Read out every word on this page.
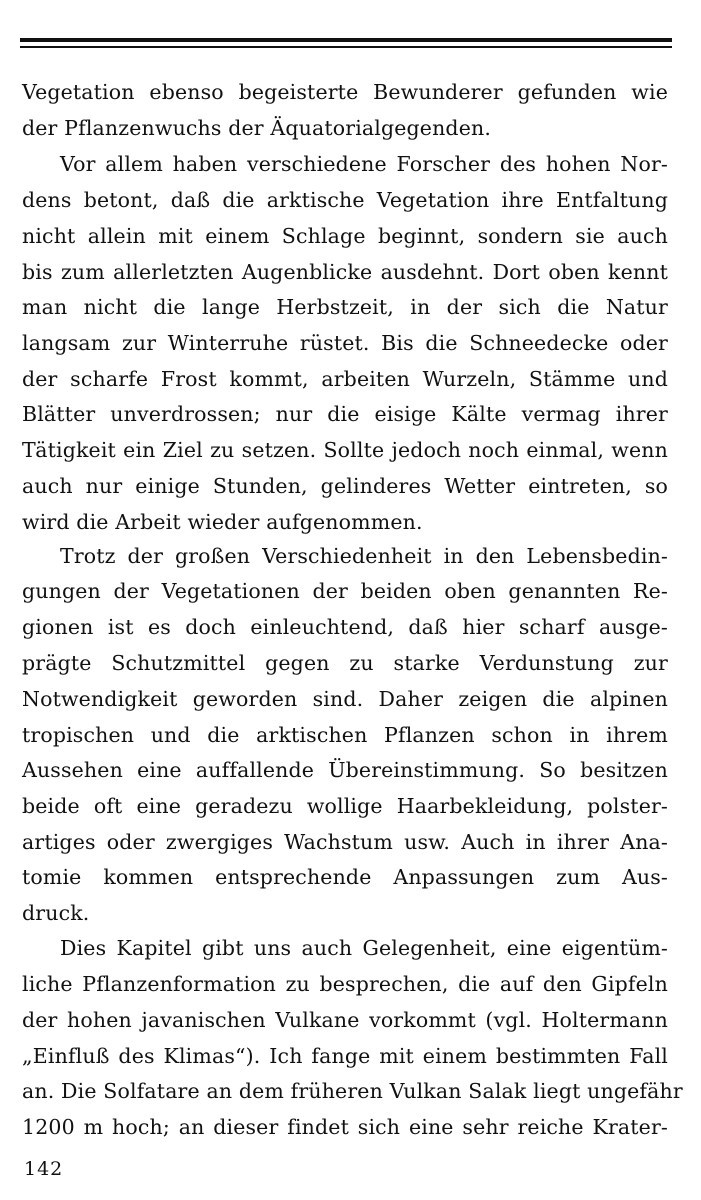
Vegetation ebenso begeisterte Bewunderer gefunden wie
der Pflanzenwuchs der Äquatorialgegenden.
Vor allem haben verschiedene Forscher des hohen Nor-
dens betont, daß die arktische Vegetation ihre Entfaltung
nicht allein mit einem Schlage beginnt, sondern sie auch
bis zum allerletzten Augenblicke ausdehnt. Dort oben kennt
man nicht die lange Herbstzeit, in der sich die Natur
langsam zur Winterruhe rüstet. Bis die Schneedecke oder
der scharfe Frost kommt, arbeiten Wurzeln, Stämme und
Blätter unverdrossen; nur die eisige Kälte vermag ihrer
Tätigkeit ein Ziel zu setzen. Sollte jedoch noch einmal, wenn
auch nur einige Stunden, gelinderes Wetter eintreten, so
wird die Arbeit wieder aufgenommen.
Trotz der großen Verschiedenheit in den Lebensbedin-
gungen der Vegetationen der beiden oben genannten Re-
gionen ist es doch einleuchtend, daß hier scharf ausge-
prägte Schutzmittel gegen zu starke Verdunstung zur
Notwendigkeit geworden sind. Daher zeigen die alpinen
tropischen und die arktischen Pflanzen schon in ihrem
Aussehen eine auffallende Übereinstimmung. So besitzen
beide oft eine geradezu wollige Haarbekleidung, polster-
artiges oder zwergiges Wachstum usw. Auch in ihrer Ana-
tomie kommen entsprechende Anpassungen zum Aus-
druck.
Dies Kapitel gibt uns auch Gelegenheit, eine eigentüm-
liche Pflanzenformation zu besprechen, die auf den Gipfeln
der hohen javanischen Vulkane vorkommt (vgl. Holtermann
„Einfluß des Klimas“). Ich fange mit einem bestimmten Fall
an. Die Solfatare an dem früheren Vulkan Salak liegt ungefähr
1200 m hoch; an dieser findet sich eine sehr reiche Krater-
142
